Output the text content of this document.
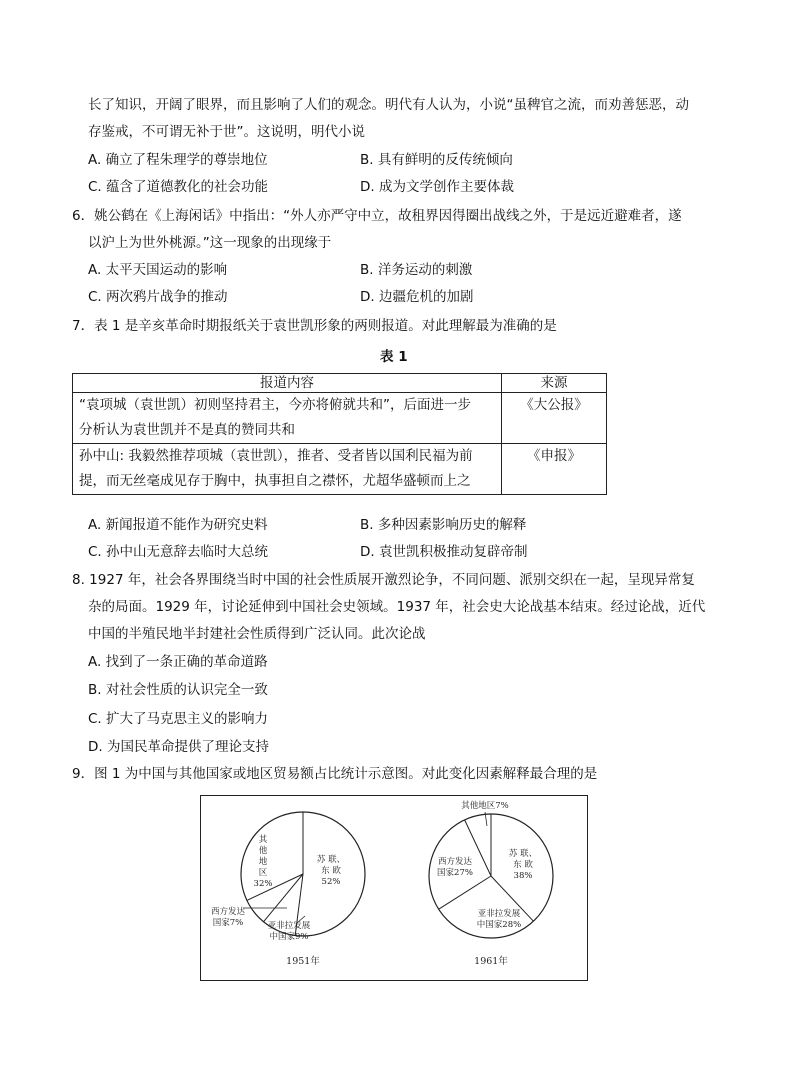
长了知识，开阔了眼界，而且影响了人们的观念。明代有人认为，小说“虽稗官之流，而劝善惩恶，动
存鉴戒，不可谓无补于世”。这说明，明代小说
A. 确立了程朱理学的尊崇地位	B. 具有鲜明的反传统倾向
C. 蕴含了道德教化的社会功能	D. 成为文学创作主要体裁
6．姚公鹤在《上海闲话》中指出：“外人亦严守中立，故租界因得圈出战线之外，于是远近避难者，遂
以沪上为世外桃源。”这一现象的出现缘于
A. 太平天国运动的影响	B. 洋务运动的刺激
C. 两次鸦片战争的推动	D. 边疆危机的加剧
7．表 1 是辛亥革命时期报纸关于袁世凯形象的两则报道。对此理解最为准确的是
表 1
报道内容	来源

“袁项城（袁世凯）初则坚持君主，今亦将俯就共和”，后面进一步
分析认为袁世凯并不是真的赞同共和	《大公报》

孙中山: 我毅然推荐项城（袁世凯），推者、受者皆以国利民福为前
提，而无丝毫成见存于胸中，执事担自之襟怀，尤超华盛顿而上之	《申报》
A. 新闻报道不能作为研究史料	B. 多种因素影响历史的解释
C. 孙中山无意辞去临时大总统	D. 袁世凯积极推动复辟帝制
8. 1927 年，社会各界围绕当时中国的社会性质展开激烈论争，不同问题、派别交织在一起，呈现异常复
杂的局面。1929 年，讨论延伸到中国社会史领域。1937 年，社会史大论战基本结束。经过论战，近代
中国的半殖民地半封建社会性质得到广泛认同。此次论战
A. 找到了一条正确的革命道路
B. 对社会性质的认识完全一致
C. 扩大了马克思主义的影响力
D. 为国民革命提供了理论支持
9．图 1 为中国与其他国家或地区贸易额占比统计示意图。对此变化因素解释最合理的是
苏 联、
东 欧
52%
亚非拉发展
中国家9%
西方发达
国家7%
其
他
地
区
32%
1951年
苏 联、
东 欧
38%
亚非拉发展
中国家28%
西方发达
国家27%
其他地区7%
1961年
